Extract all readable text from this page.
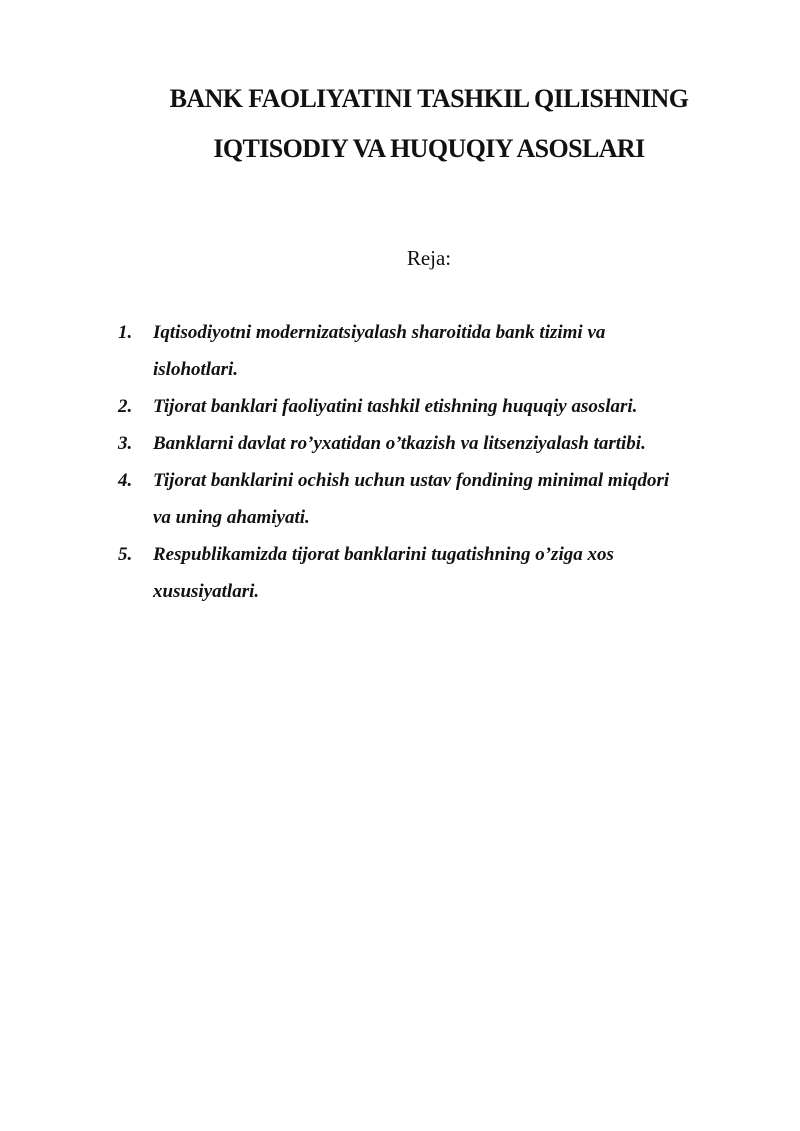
BANK FAOLIYATINI TASHKIL QILISHNING
IQTISODIY VA HUQUQIY ASOSLARI

Reja:

1.	Iqtisodiyotni modernizatsiyalash sharoitida bank tizimi va
islohotlari.
2.	Tijorat banklari faoliyatini tashkil etishning huquqiy asoslari.
3.	Banklarni davlat ro’yxatidan o’tkazish va litsenziyalash tartibi.
4.	Tijorat banklarini ochish uchun ustav fondining minimal miqdori
va uning ahamiyati.
5.	Respublikamizda tijorat banklarini tugatishning o’ziga xos
xususiyatlari.
